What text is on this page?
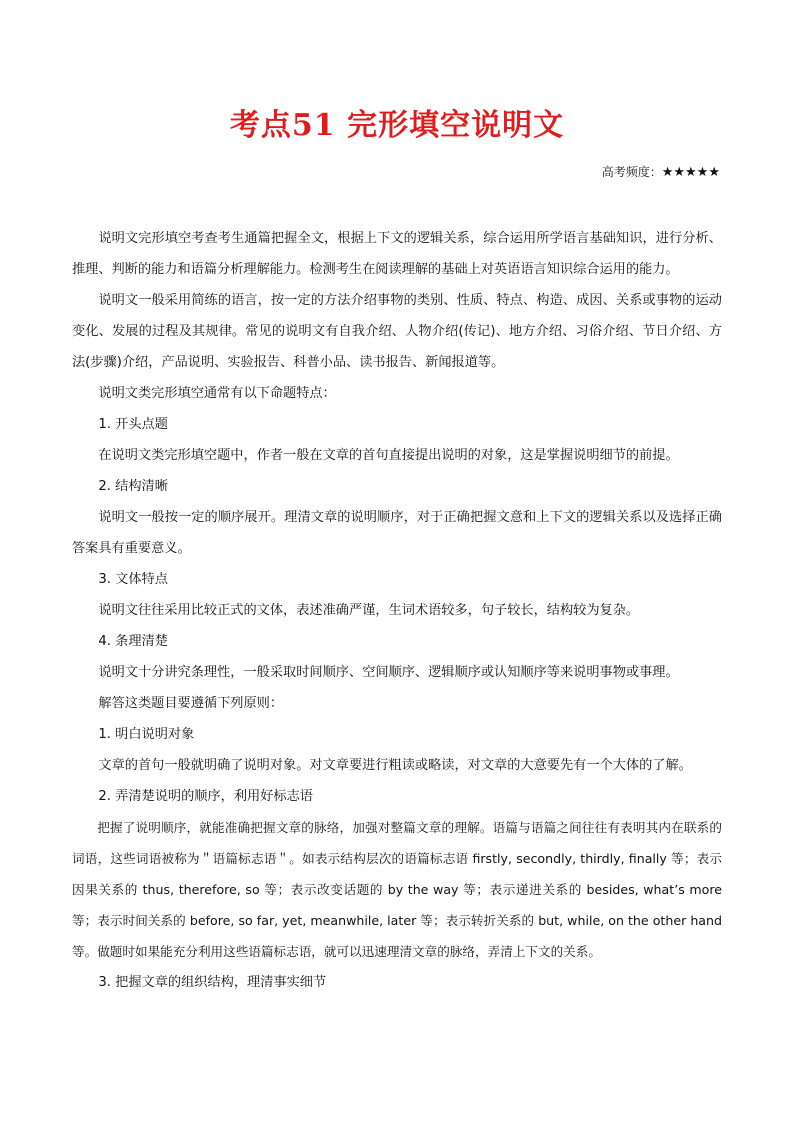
考点51 完形填空说明文
高考频度：★★★★★

说明文完形填空考查考生通篇把握全文，根据上下文的逻辑关系，综合运用所学语言基础知识，进行分析、推理、判断的能力和语篇分析理解能力。检测考生在阅读理解的基础上对英语语言知识综合运用的能力。

说明文一般采用简练的语言，按一定的方法介绍事物的类别、性质、特点、构造、成因、关系或事物的运动变化、发展的过程及其规律。常见的说明文有自我介绍、人物介绍(传记)、地方介绍、习俗介绍、节日介绍、方法(步骤)介绍，产品说明、实验报告、科普小品、读书报告、新闻报道等。

说明文类完形填空通常有以下命题特点：

1. 开头点题

在说明文类完形填空题中，作者一般在文章的首句直接提出说明的对象，这是掌握说明细节的前提。

2. 结构清晰

说明文一般按一定的顺序展开。理清文章的说明顺序，对于正确把握文意和上下文的逻辑关系以及选择正确答案具有重要意义。

3. 文体特点

说明文往往采用比较正式的文体，表述准确严谨，生词术语较多，句子较长，结构较为复杂。

4. 条理清楚

说明文十分讲究条理性，一般采取时间顺序、空间顺序、逻辑顺序或认知顺序等来说明事物或事理。

解答这类题目要遵循下列原则：

1. 明白说明对象

文章的首句一般就明确了说明对象。对文章要进行粗读或略读，对文章的大意要先有一个大体的了解。

2. 弄清楚说明的顺序，利用好标志语

把握了说明顺序，就能准确把握文章的脉络，加强对整篇文章的理解。语篇与语篇之间往往有表明其内在联系的词语，这些词语被称为＂语篇标志语＂。如表示结构层次的语篇标志语 firstly, secondly, thirdly, finally 等；表示因果关系的 thus, therefore, so 等；表示改变话题的 by the way 等；表示递进关系的 besides, what’s more 等；表示时间关系的 before, so far, yet, meanwhile, later 等；表示转折关系的 but, while, on the other hand 等。做题时如果能充分利用这些语篇标志语，就可以迅速理清文章的脉络，弄清上下文的关系。

3. 把握文章的组织结构，理清事实细节
